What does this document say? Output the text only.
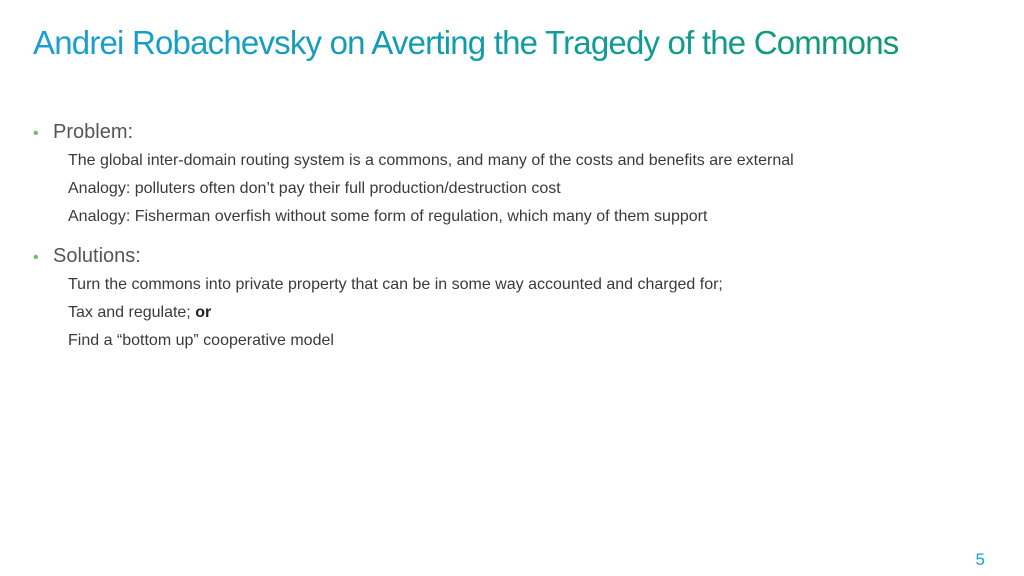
Andrei Robachevsky on Averting the Tragedy of the Commons
• Problem:
The global inter-domain routing system is a commons, and many of the costs and benefits are external
Analogy: polluters often don’t pay their full production/destruction cost
Analogy: Fisherman overfish without some form of regulation, which many of them support
• Solutions:
Turn the commons into private property that can be in some way accounted and charged for;
Tax and regulate; or
Find a “bottom up” cooperative model
5
